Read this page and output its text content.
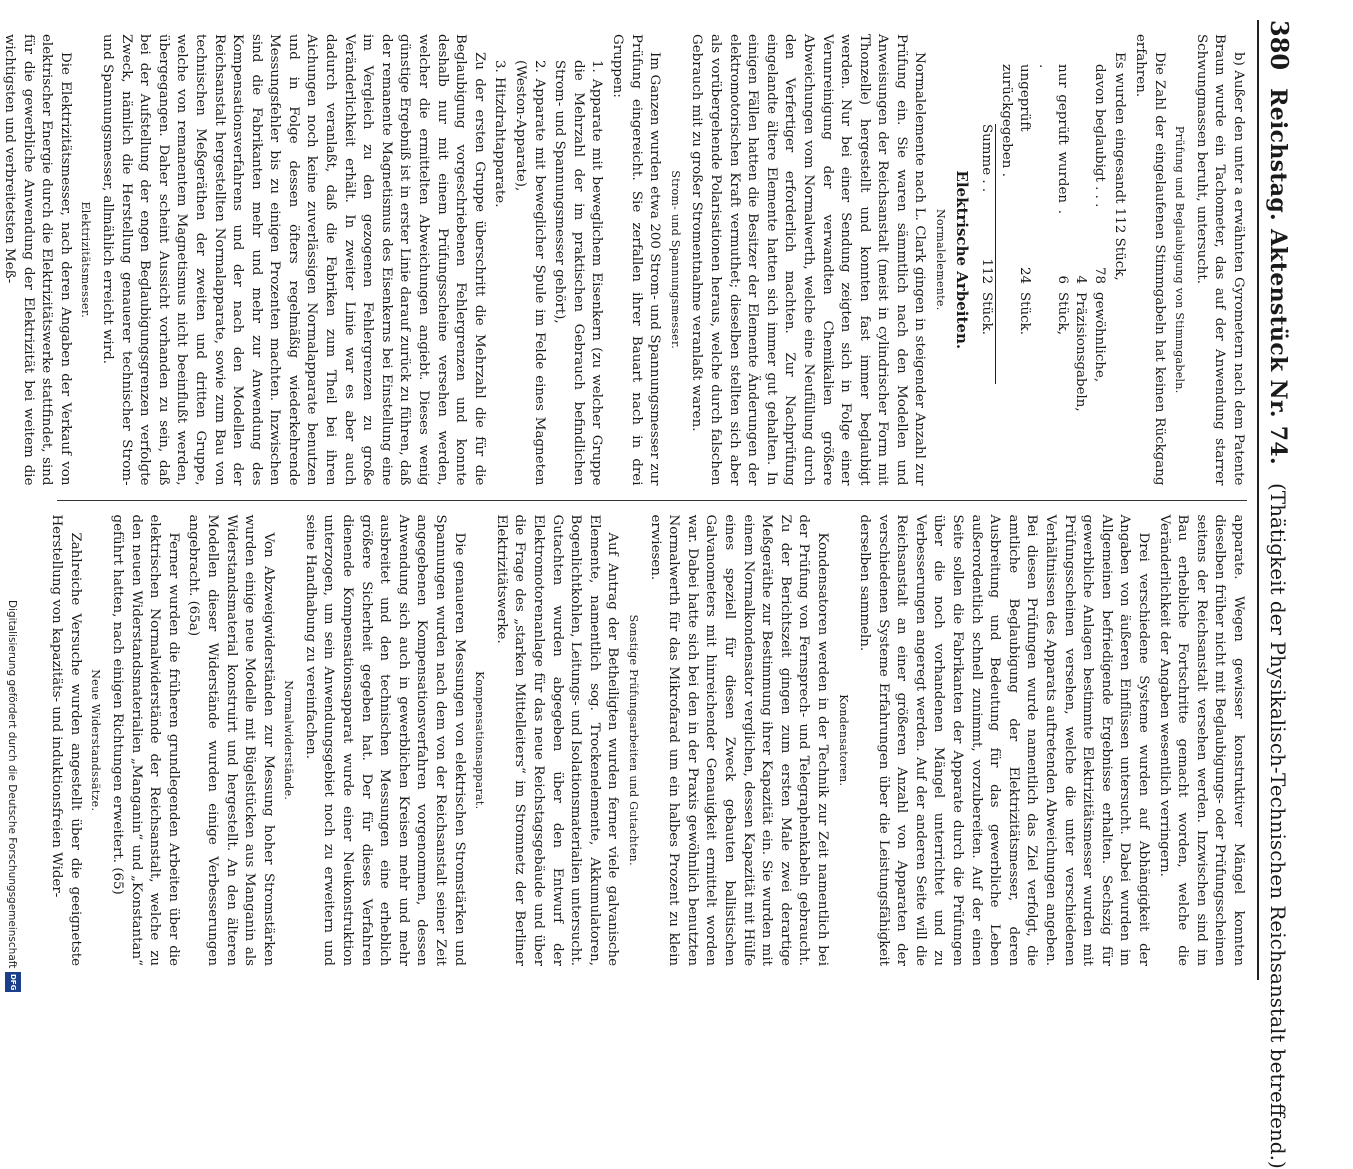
380
Reichstag. Aktenstück Nr. 74.
(Thätigkeit der Physikalisch-Technischen Reichsanstalt betreffend.)

b) Außer den unter a erwähnten Gyrometern nach dem Patente Braun wurde ein Tachometer, das auf der Anwendung starrer Schwungmassen beruht, untersucht.

Prüfung und Beglaubigung von Stimmgabeln.

Die Zahl der eingelaufenen Stimmgabeln hat keinen Rückgang erfahren.

Es wurden eingesandt 112 Stück,

davon beglaubigt . . .
78
gewöhnliche,
4
Präzisionsgabeln,
nur geprüft wurden . .
6
Stück,
ungeprüft zurückgegeben .
24
Stück.
Summe . .
112
Stück.
Elektrische Arbeiten.
Normalelemente.

Normalelemente nach L. Clark gingen in steigender Anzahl zur Prüfung ein. Sie waren sämmtlich nach den Modellen und Anweisungen der Reichsanstalt (meist in cylindrischer Form mit Thonzelle) hergestellt und konnten fast immer beglaubigt werden. Nur bei einer Sendung zeigten sich in Folge einer Verunreinigung der verwandten Chemikalien größere Abweichungen vom Normalwerth, welche eine Neufüllung durch den Verfertiger erforderlich machten. Zur Nachprüfung eingelandte ältere Elemente hatten sich immer gut gehalten. In einigen Fällen hatten die Besitzer der Elemente Änderungen der elektromotorischen Kraft vermuthet; dieselben stellten sich aber als vorübergehende Polarisationen heraus, welche durch falschen Gebrauch mit zu großer Stromentnahme veranlaßt waren.

Strom- und Spannungsmesser.

Im Ganzen wurden etwa 200 Strom- und Spannungsmesser zur Prüfung eingereicht. Sie zerfallen ihrer Bauart nach in drei Gruppen:

1. Apparate mit beweglichem Eisenkern (zu welcher Gruppe die Mehrzahl der im praktischen Gebrauch befindlichen Strom- und Spannungsmesser gehört),

2. Apparate mit beweglicher Spule im Felde eines Magneten (Weston-Apparate),

3. Hitzdrahtapparate.

Zu der ersten Gruppe überschritt die Mehrzahl die für die Beglaubigung vorgeschriebenen Fehlergrenzen und konnte deshalb nur mit einem Prüfungsscheine versehen werden, welcher die ermittelten Abweichungen angiebt. Dieses wenig günstige Ergebniß ist in erster Linie darauf zurück zu führen, daß der remanente Magnetismus des Eisenkerns bei Einstellung eine im Vergleich zu den gezogenen Fehlergrenzen zu große Veränderlichkeit erhält. In zweiter Linie war es aber auch dadurch veranlaßt, daß die Fabriken zum Theil bei ihren Aichungen noch keine zuverlässigen Normalapparate benutzen und in Folge dessen öfters regelmäßig wiederkehrende Messungsfehler bis zu einigen Prozenten machten. Inzwischen sind die Fabrikanten mehr und mehr zur Anwendung des Kompensationsverfahrens und der nach den Modellen der Reichsanstalt hergestellten Normalapparate, sowie zum Bau von technischen Meßgeräthen der zweiten und dritten Gruppe, welche von remanentem Magnetismus nicht beeinflußt werden, übergegangen. Daher scheint Aussicht vorhanden zu sein, daß bei der Aufstellung der engen Beglaubigungsgrenzen verfolgte Zweck, nämlich die Herstellung genauerer technischer Strom- und Spannungsmesser, allmählich erreicht wird.

Elektrizitätsmesser.

Die Elektrizitätsmesser, nach deren Angaben der Verkauf von elektrischer Energie durch die Elektrizitätswerke stattfindet, sind für die gewerbliche Anwendung der Elektrizität bei weitem die wichtigsten und verbreitetsten Meß-

apparate. Wegen gewisser konstruktiver Mängel konnten dieselben früher nicht mit Beglaubigungs- oder Prüfungsscheinen seitens der Reichsanstalt versehen werden. Inzwischen sind im Bau erhebliche Fortschritte gemacht worden, welche die Veränderlichkeit der Angaben wesentlich verringern.

Drei verschiedene Systeme wurden auf Abhängigkeit der Angaben von äußeren Einflüssen untersucht. Dabei wurden im Allgemeinen befriedigende Ergebnisse erhalten. Sechszig für gewerbliche Anlagen bestimmte Elektrizitätsmesser wurden mit Prüfungsscheinen versehen, welche die unter verschiedenen Verhältnissen des Apparats auftretenden Abweichungen angeben. Bei diesen Prüfungen wurde namentlich das Ziel verfolgt, die amtliche Beglaubigung der Elektrizitätsmesser, deren Ausbreitung und Bedeutung für das gewerbliche Leben außerordentlich schnell zunimmt, vorzubereiten. Auf der einen Seite sollen die Fabrikanten der Apparate durch die Prüfungen über die noch vorhandenen Mängel unterrichtet und zu Verbesserungen angeregt werden. Auf der anderen Seite will die Reichsanstalt an einer größeren Anzahl von Apparaten der verschiedenen Systeme Erfahrungen über die Leistungsfähigkeit derselben sammeln.

Kondensatoren.

Kondensatoren werden in der Technik zur Zeit namentlich bei der Prüfung von Fernsprech- und Telegraphenkabeln gebraucht. Zu der Berichtszeit gingen zum ersten Male zwei derartige Meßgeräthe zur Bestimmung ihrer Kapazität ein. Sie wurden mit einem Normalkondensator verglichen, dessen Kapazität mit Hülfe eines speziell für diesen Zweck gebauten ballistischen Galvanometers mit hinreichender Genauigkeit ermittelt worden war. Dabei hatte sich bei den in der Praxis gewöhnlich benutzten Normalwerth für das Mikrofarad um ein halbes Prozent zu klein erwiesen.

Sonstige Prüfungsarbeiten und Gutachten.

Auf Antrag der Betheiligten wurden ferner viele galvanische Elemente, namentlich sog. Trockenelemente, Akkumulatoren, Bogenlichtkohlen, Leitungs- und Isolationsmaterialien untersucht. Gutachten wurden abgegeben über den Entwurf der Elektromotorenanlage für das neue Reichstagsgebäude und über die Frage des „starken Mittelleiters“ im Stromnetz der Berliner Elektrizitätswerke.

Kompensationsapparat.

Die genaueren Messungen von elektrischen Stromstärken und Spannungen wurden nach dem von der Reichsanstalt seiner Zeit angegebenen Kompensationsverfahren vorgenommen, dessen Anwendung sich auch in gewerblichen Kreisen mehr und mehr ausbreitet und den technischen Messungen eine erheblich größere Sicherheit gegeben hat. Der für dieses Verfahren dienende Kompensationsapparat wurde einer Neukonstruktion unterzogen, um sein Anwendungsgebiet noch zu erweitern und seine Handhabung zu vereinfachen.

Normalwiderstände.

Von Abzweigwiderständen zur Messung hoher Stromstärken wurden einige neue Modelle mit Bügelstücken aus Manganin als Widerstandsmaterial konstruirt und hergestellt. An den älteren Modellen dieser Widerstände wurden einige Verbesserungen angebracht. (65a)

Ferner wurden die früheren grundlegenden Arbeiten über die elektrischen Normalwiderstände der Reichsanstalt, welche zu den neuen Widerstandsmaterialien „Manganin“ und „Konstantan“ geführt hatten, nach einigen Richtungen erweitert. (65)

Neue Widerstandssätze.

Zahlreiche Versuche wurden angestellt über die geeignetste Herstellung von kapazitäts- und induktionsfreien Wider-

Digitalisierung gefördert durch die Deutsche Forschungsgemeinschaft
DFG
